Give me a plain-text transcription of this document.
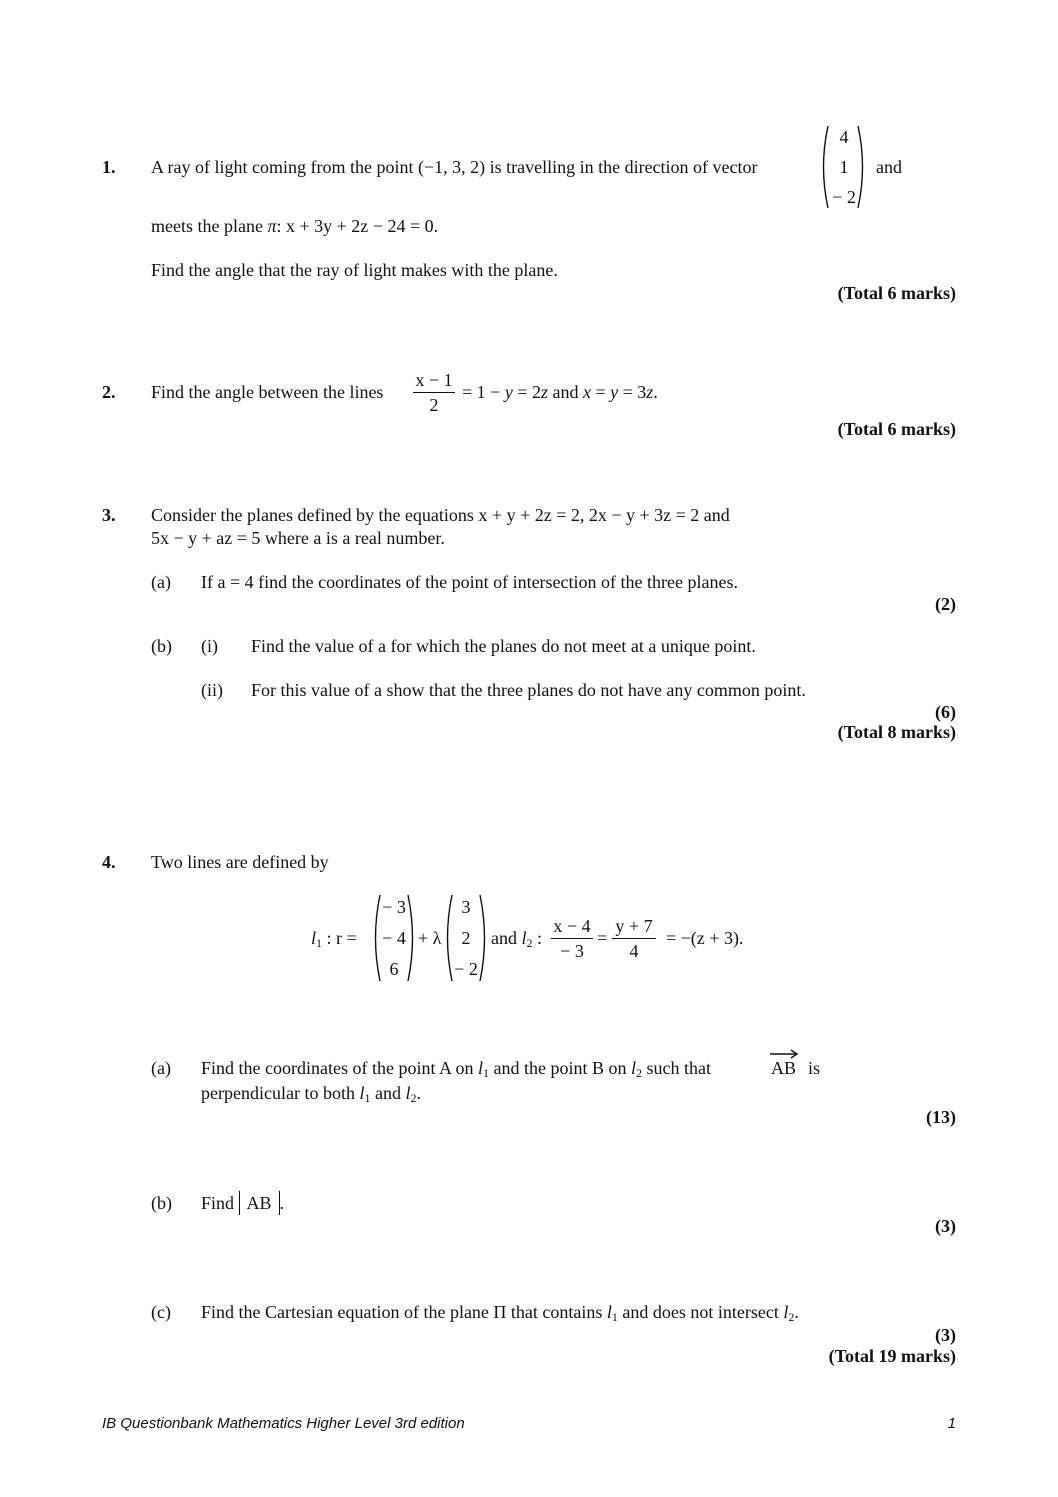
1. A ray of light coming from the point (−1, 3, 2) is travelling in the direction of vector
4
1
− 2
and
meets the plane π: x + 3y + 2z − 24 = 0.
Find the angle that the ray of light makes with the plane.
(Total 6 marks)
2. Find the angle between the lines
x − 1
2
= 1 − y = 2z and x = y = 3z.
(Total 6 marks)
3. Consider the planes defined by the equations x + y + 2z = 2, 2x − y + 3z = 2 and
5x − y + az = 5 where a is a real number.
(a) If a = 4 find the coordinates of the point of intersection of the three planes.
(2)
(b) (i) Find the value of a for which the planes do not meet at a unique point.
(ii) For this value of a show that the three planes do not have any common point.
(6)
(Total 8 marks)
4. Two lines are defined by
$l_1$ : r =
− 3
− 4
6
+ λ
3
2
− 2
and $l_2$ :
x − 4
− 3
=
y + 7
4
= −(z + 3).
(a) Find the coordinates of the point A on $l_1$ and the point B on $l_2$ such that	AB is
perpendicular to both $l_1$ and $l_2$.
(13)
(b) Find AB .
(3)
(c) Find the Cartesian equation of the plane Π that contains $l_1$ and does not intersect $l_2$.
(3)
(Total 19 marks)
IB Questionbank Mathematics Higher Level 3rd edition	1
